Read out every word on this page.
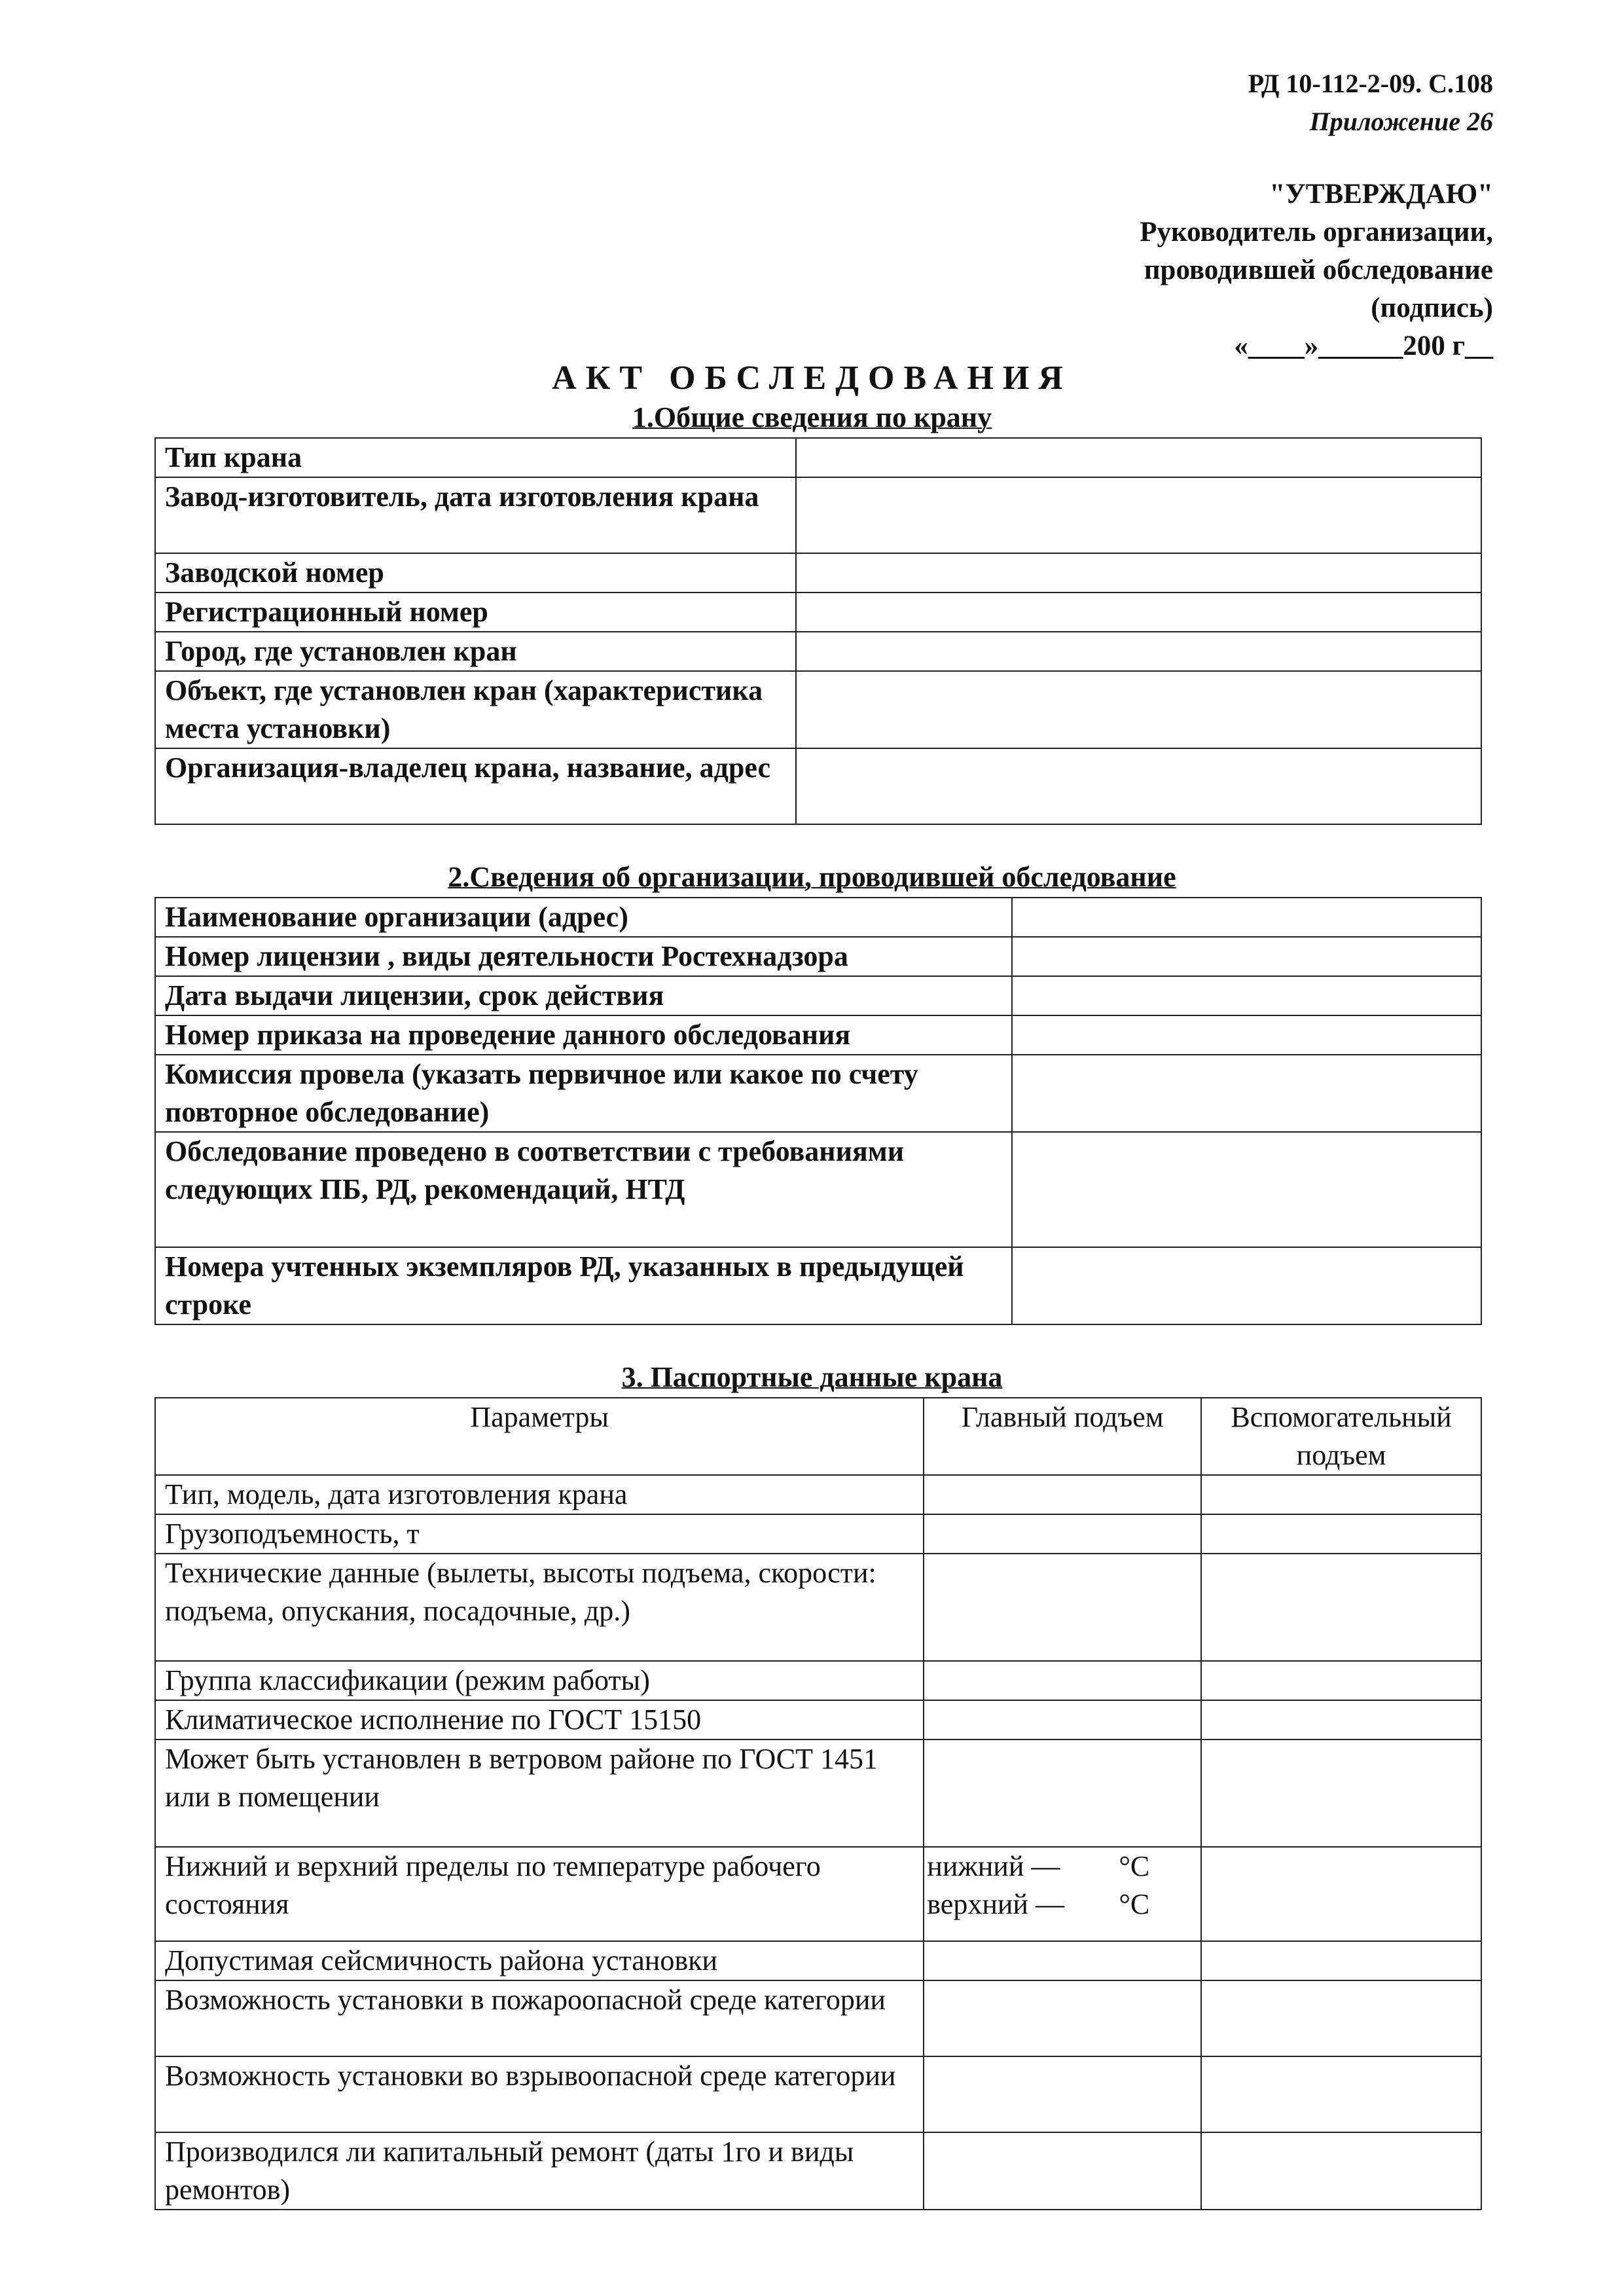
РД 10-112-2-09. С.108
Приложение 26
"УТВЕРЖДАЮ"
Руководитель организации,
проводившей обследование
(подпись)
«____»______200 г__
АКТ ОБСЛЕДОВАНИЯ
1.Общие сведения по крану
Тип крана	
Завод-изготовитель, дата изготовления крана	
Заводской номер	
Регистрационный номер	
Город, где установлен кран	
Объект, где установлен кран (характеристика места установки)	
Организация-владелец крана, название, адрес	
2.Сведения об организации, проводившей обследование
Наименование организации (адрес)	
Номер лицензии , виды деятельности Ростехнадзора	
Дата выдачи лицензии, срок действия	
Номер приказа на проведение данного обследования	
Комиссия провела (указать первичное или какое по счету повторное обследование)	
Обследование проведено в соответствии с требованиями следующих ПБ, РД, рекомендаций, НТД	
Номера учтенных экземпляров РД, указанных в предыдущей строке	
3. Паспортные данные крана
Параметры	Главный подъем	Вспомогательный подъем
Тип, модель, дата изготовления крана		
Грузоподъемность, т		
Технические данные (вылеты, высоты подъема, скорости: подъема, опускания, посадочные, др.)		
Группа классификации (режим работы)		
Климатическое исполнение по ГОСТ 15150		
Может быть установлен в ветровом районе по ГОСТ 1451 или в помещении		
Нижний и верхний пределы по температуре рабочего состояния	нижний — °С
верхний — °С	

Допустимая сейсмичность района установки		
Возможность установки в пожароопасной среде категории		
Возможность установки во взрывоопасной среде категории		
Производился ли капитальный ремонт (даты 1го и виды ремонтов)		
